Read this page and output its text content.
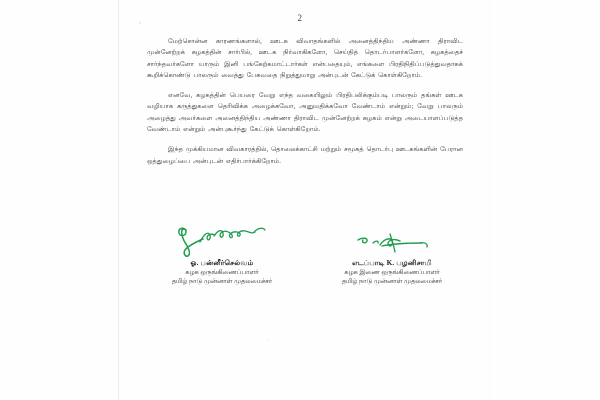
2

மேற்சொன்ன காரணங்களால், ஊடக விவாதங்களில் அனைத்திந்திய அண்ணா திராவிட முன்னேற்றக் கழகத்தின் சார்பில், ஊடக நிர்வாகிகளோ, செய்தித் தொடர்பாளர்களோ, கழகத்தைச் சார்ந்தவர்களோ யாரும் இனி பங்கேற்கமாட்டார்கள் என்பதையும், எங்களை பிரதிநிதிப்படுத்துவதாகக் கூறிக்கொண்டு பாலரும் வைத்து பேசுவதை நிறுத்துமாறு அன்புடன் கேட்டுக் கொள்கிறோம்.

எனவே, கழகத்தின் பெயரை வேறு எந்த வகையிலும் பிரதிபலிக்கும்படி பாலரும் தங்கள் ஊடக வழியாக கருத்துகளை தெரிவிக்க அழைக்கவோ, அனுமதிக்கவோ வேண்டாம் என்றும்; வேறு பாலரும் அழைத்து அவர்களை அனைத்திந்திய அண்ணா திராவிட முன்னேற்றக் கழகம் என்று அடையாளப்படுத்த வேண்டாம் என்றும் அன்புகூர்ந்து கேட்டுக் கொள்கிறோம்.

இந்த முக்கியமான விவகாரத்தில், தொலைக்காட்சி மற்றும் சமூகத் தொடர்பு ஊடகங்களின் பேரான ஒத்துழைப்பை அன்புடன் எதிர்பார்க்கிறோம்.

ஓ. பன்னீர்செல்வம்
கழக ஒருங்கிணைப்பாளர்
தமிழ் நாடு முன்னாள் முதலமைச்சர்
எடப்பாடி K. பழனிசாமி
கழக இணை ஒருங்கிணைப்பாளர்
தமிழ் நாடு முன்னாள் முதலமைச்சர்
